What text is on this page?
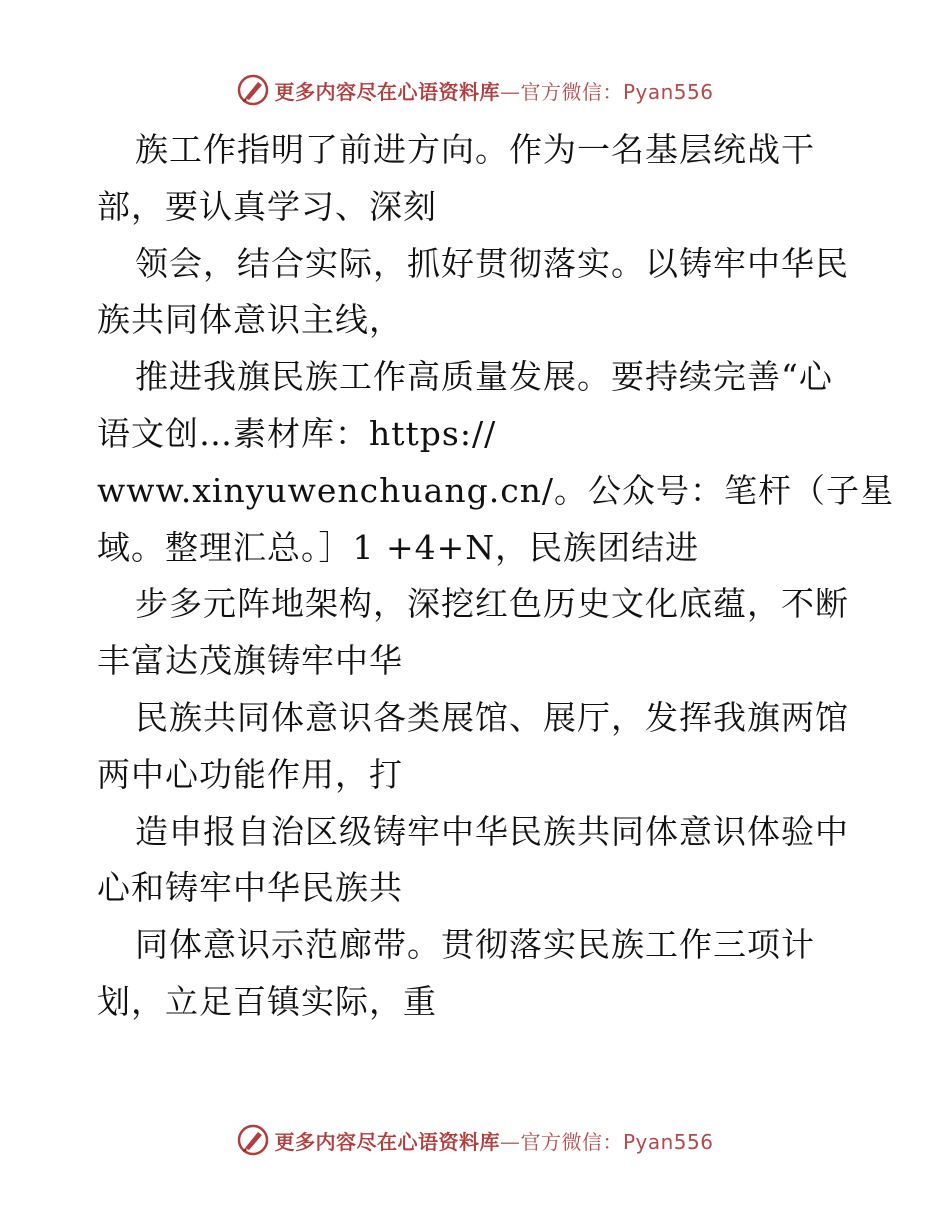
更多内容尽在心语资料库—官方微信：Pyan556
族工作指明了前进方向。作为一名基层统战干
部，要认真学习、深刻
领会，结合实际，抓好贯彻落实。以铸牢中华民
族共同体意识主线，
推进我旗民族工作高质量发展。要持续完善“心
语文创…素材库：https://
www.xinyuwenchuang.cn/。公众号：笔杆（子星
域。整理汇总。］1 +4+N，民族团结进
步多元阵地架构，深挖红色历史文化底蕴，不断
丰富达茂旗铸牢中华
民族共同体意识各类展馆、展厅，发挥我旗两馆
两中心功能作用，打
造申报自治区级铸牢中华民族共同体意识体验中
心和铸牢中华民族共
同体意识示范廊带。贯彻落实民族工作三项计
划，立足百镇实际，重
更多内容尽在心语资料库—官方微信：Pyan556
